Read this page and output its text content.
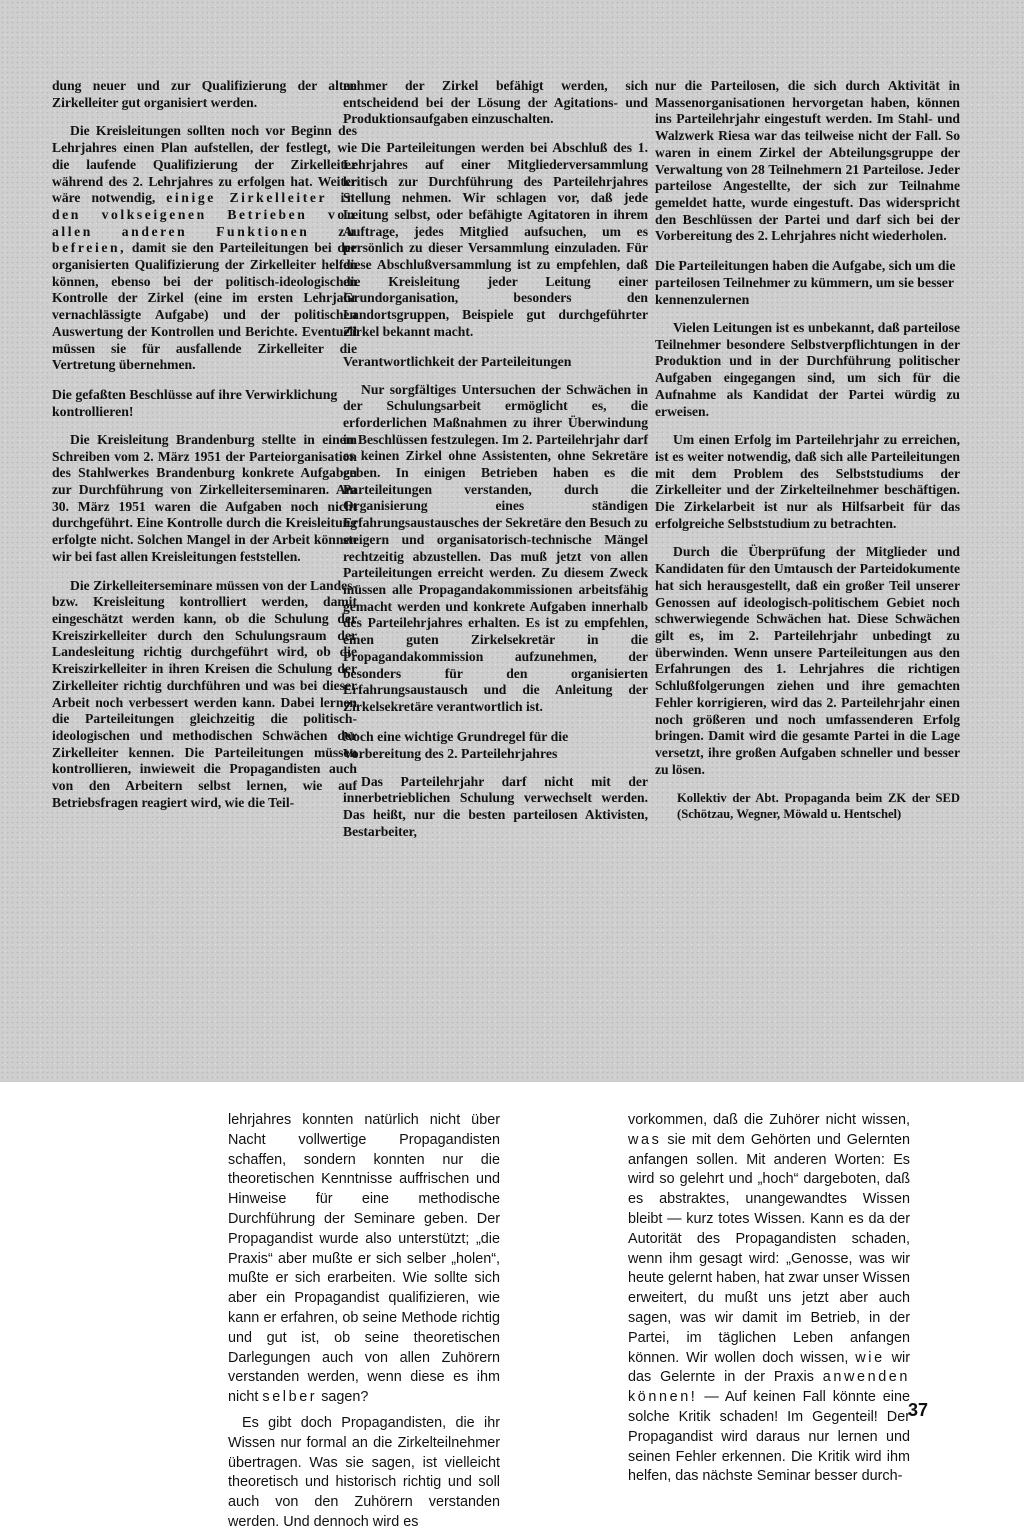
dung neuer und zur Qualifizierung der alten Zirkelleiter gut organisiert werden.

Die Kreisleitungen sollten noch vor Beginn des Lehrjahres einen Plan aufstellen, der festlegt, wie die laufende Qualifizierung der Zirkelleiter während des 2. Lehrjahres zu erfolgen hat. Weiter wäre notwendig, einige Zirkelleiter in den volkseigenen Betrieben von allen anderen Funktionen zu befreien, damit sie den Parteileitungen bei der organisierten Qualifizierung der Zirkelleiter helfen können, ebenso bei der politisch-ideologischen Kontrolle der Zirkel (eine im ersten Lehrjahr vernachlässigte Aufgabe) und der politischen Auswertung der Kontrollen und Berichte. Eventuell müssen sie für ausfallende Zirkelleiter die Vertretung übernehmen.

Die gefaßten Beschlüsse auf ihre Verwirklichung kontrollieren!

Die Kreisleitung Brandenburg stellte in einem Schreiben vom 2. März 1951 der Parteiorganisation des Stahlwerkes Brandenburg konkrete Aufgaben zur Durchführung von Zirkelleiterseminaren. Am 30. März 1951 waren die Aufgaben noch nicht durchgeführt. Eine Kontrolle durch die Kreisleitung erfolgte nicht. Solchen Mangel in der Arbeit können wir bei fast allen Kreisleitungen feststellen.

Die Zirkelleiterseminare müssen von der Landes- bzw. Kreisleitung kontrolliert werden, damit eingeschätzt werden kann, ob die Schulung der Kreiszirkelleiter durch den Schulungsraum der Landesleitung richtig durchgeführt wird, ob die Kreiszirkelleiter in ihren Kreisen die Schulung der Zirkelleiter richtig durchführen und was bei dieser Arbeit noch verbessert werden kann. Dabei lernen die Parteileitungen gleichzeitig die politisch-ideologischen und methodischen Schwächen der Zirkelleiter kennen. Die Parteileitungen müssen kontrollieren, inwieweit die Propagandisten auch von den Arbeitern selbst lernen, wie auf Betriebsfragen reagiert wird, wie die Teil-

nehmer der Zirkel befähigt werden, sich entscheidend bei der Lösung der Agitations- und Produktionsaufgaben einzuschalten.

Die Parteileitungen werden bei Abschluß des 1. Lehrjahres auf einer Mitgliederversammlung kritisch zur Durchführung des Parteilehrjahres Stellung nehmen. Wir schlagen vor, daß jede Leitung selbst, oder befähigte Agitatoren in ihrem Auftrage, jedes Mitglied aufsuchen, um es persönlich zu dieser Versammlung einzuladen. Für diese Abschlußversammlung ist zu empfehlen, daß die Kreisleitung jeder Leitung einer Grundorganisation, besonders den Landortsgruppen, Beispiele gut durchgeführter Zirkel bekannt macht.

Verantwortlichkeit der Parteileitungen

Nur sorgfältiges Untersuchen der Schwächen in der Schulungsarbeit ermöglicht es, die erforderlichen Maßnahmen zu ihrer Überwindung in Beschlüssen festzulegen. Im 2. Parteilehrjahr darf es keinen Zirkel ohne Assistenten, ohne Sekretäre geben. In einigen Betrieben haben es die Parteileitungen verstanden, durch die Organisierung eines ständigen Erfahrungsaustausches der Sekretäre den Besuch zu steigern und organisatorisch-technische Mängel rechtzeitig abzustellen. Das muß jetzt von allen Parteileitungen erreicht werden. Zu diesem Zweck müssen alle Propagandakommissionen arbeitsfähig gemacht werden und konkrete Aufgaben innerhalb des Parteilehrjahres erhalten. Es ist zu empfehlen, einen guten Zirkelsekretär in die Propagandakommission aufzunehmen, der besonders für den organisierten Erfahrungsaustausch und die Anleitung der Zirkelsekretäre verantwortlich ist.

Noch eine wichtige Grundregel für die Vorbereitung des 2. Parteilehrjahres

Das Parteilehrjahr darf nicht mit der innerbetrieblichen Schulung verwechselt werden. Das heißt, nur die besten parteilosen Aktivisten, Bestarbeiter,

nur die Parteilosen, die sich durch Aktivität in Massenorganisationen hervorgetan haben, können ins Parteilehrjahr eingestuft werden. Im Stahl- und Walzwerk Riesa war das teilweise nicht der Fall. So waren in einem Zirkel der Abteilungsgruppe der Verwaltung von 28 Teilnehmern 21 Parteilose. Jeder parteilose Angestellte, der sich zur Teilnahme gemeldet hatte, wurde eingestuft. Das widerspricht den Beschlüssen der Partei und darf sich bei der Vorbereitung des 2. Lehrjahres nicht wiederholen.

Die Parteileitungen haben die Aufgabe, sich um die parteilosen Teilnehmer zu kümmern, um sie besser kennenzulernen

Vielen Leitungen ist es unbekannt, daß parteilose Teilnehmer besondere Selbstverpflichtungen in der Produktion und in der Durchführung politischer Aufgaben eingegangen sind, um sich für die Aufnahme als Kandidat der Partei würdig zu erweisen.

Um einen Erfolg im Parteilehrjahr zu erreichen, ist es weiter notwendig, daß sich alle Parteileitungen mit dem Problem des Selbststudiums der Zirkelleiter und der Zirkelteilnehmer beschäftigen. Die Zirkelarbeit ist nur als Hilfsarbeit für das erfolgreiche Selbststudium zu betrachten.

Durch die Überprüfung der Mitglieder und Kandidaten für den Umtausch der Parteidokumente hat sich herausgestellt, daß ein großer Teil unserer Genossen auf ideologisch-politischem Gebiet noch schwerwiegende Schwächen hat. Diese Schwächen gilt es, im 2. Parteilehrjahr unbedingt zu überwinden. Wenn unsere Parteileitungen aus den Erfahrungen des 1. Lehrjahres die richtigen Schlußfolgerungen ziehen und ihre gemachten Fehler korrigieren, wird das 2. Parteilehrjahr einen noch größeren und noch umfassenderen Erfolg bringen. Damit wird die gesamte Partei in die Lage versetzt, ihre großen Aufgaben schneller und besser zu lösen.

Kollektiv der Abt. Propaganda beim ZK der SED (Schötzau, Wegner, Möwald u. Hentschel)

lehrjahres konnten natürlich nicht über Nacht vollwertige Propagandisten schaffen, sondern konnten nur die theoretischen Kenntnisse auffrischen und Hinweise für eine methodische Durchführung der Seminare geben. Der Propagandist wurde also unterstützt; „die Praxis“ aber mußte er sich selber „holen“, mußte er sich erarbeiten. Wie sollte sich aber ein Propagandist qualifizieren, wie kann er erfahren, ob seine Methode richtig und gut ist, ob seine theoretischen Darlegungen auch von allen Zuhörern verstanden werden, wenn diese es ihm nicht selber sagen?

Es gibt doch Propagandisten, die ihr Wissen nur formal an die Zirkelteilnehmer übertragen. Was sie sagen, ist vielleicht theoretisch und historisch richtig und soll auch von den Zuhörern verstanden werden. Und dennoch wird es

vorkommen, daß die Zuhörer nicht wissen, was sie mit dem Gehörten und Gelernten anfangen sollen. Mit anderen Worten: Es wird so gelehrt und „hoch“ dargeboten, daß es abstraktes, unangewandtes Wissen bleibt — kurz totes Wissen. Kann es da der Autorität des Propagandisten schaden, wenn ihm gesagt wird: „Genosse, was wir heute gelernt haben, hat zwar unser Wissen erweitert, du mußt uns jetzt aber auch sagen, was wir damit im Betrieb, in der Partei, im täglichen Leben anfangen können. Wir wollen doch wissen, wie wir das Gelernte in der Praxis anwenden können! — Auf keinen Fall könnte eine solche Kritik schaden! Im Gegenteil! Der Propagandist wird daraus nur lernen und seinen Fehler erkennen. Die Kritik wird ihm helfen, das nächste Seminar besser durch-

37
